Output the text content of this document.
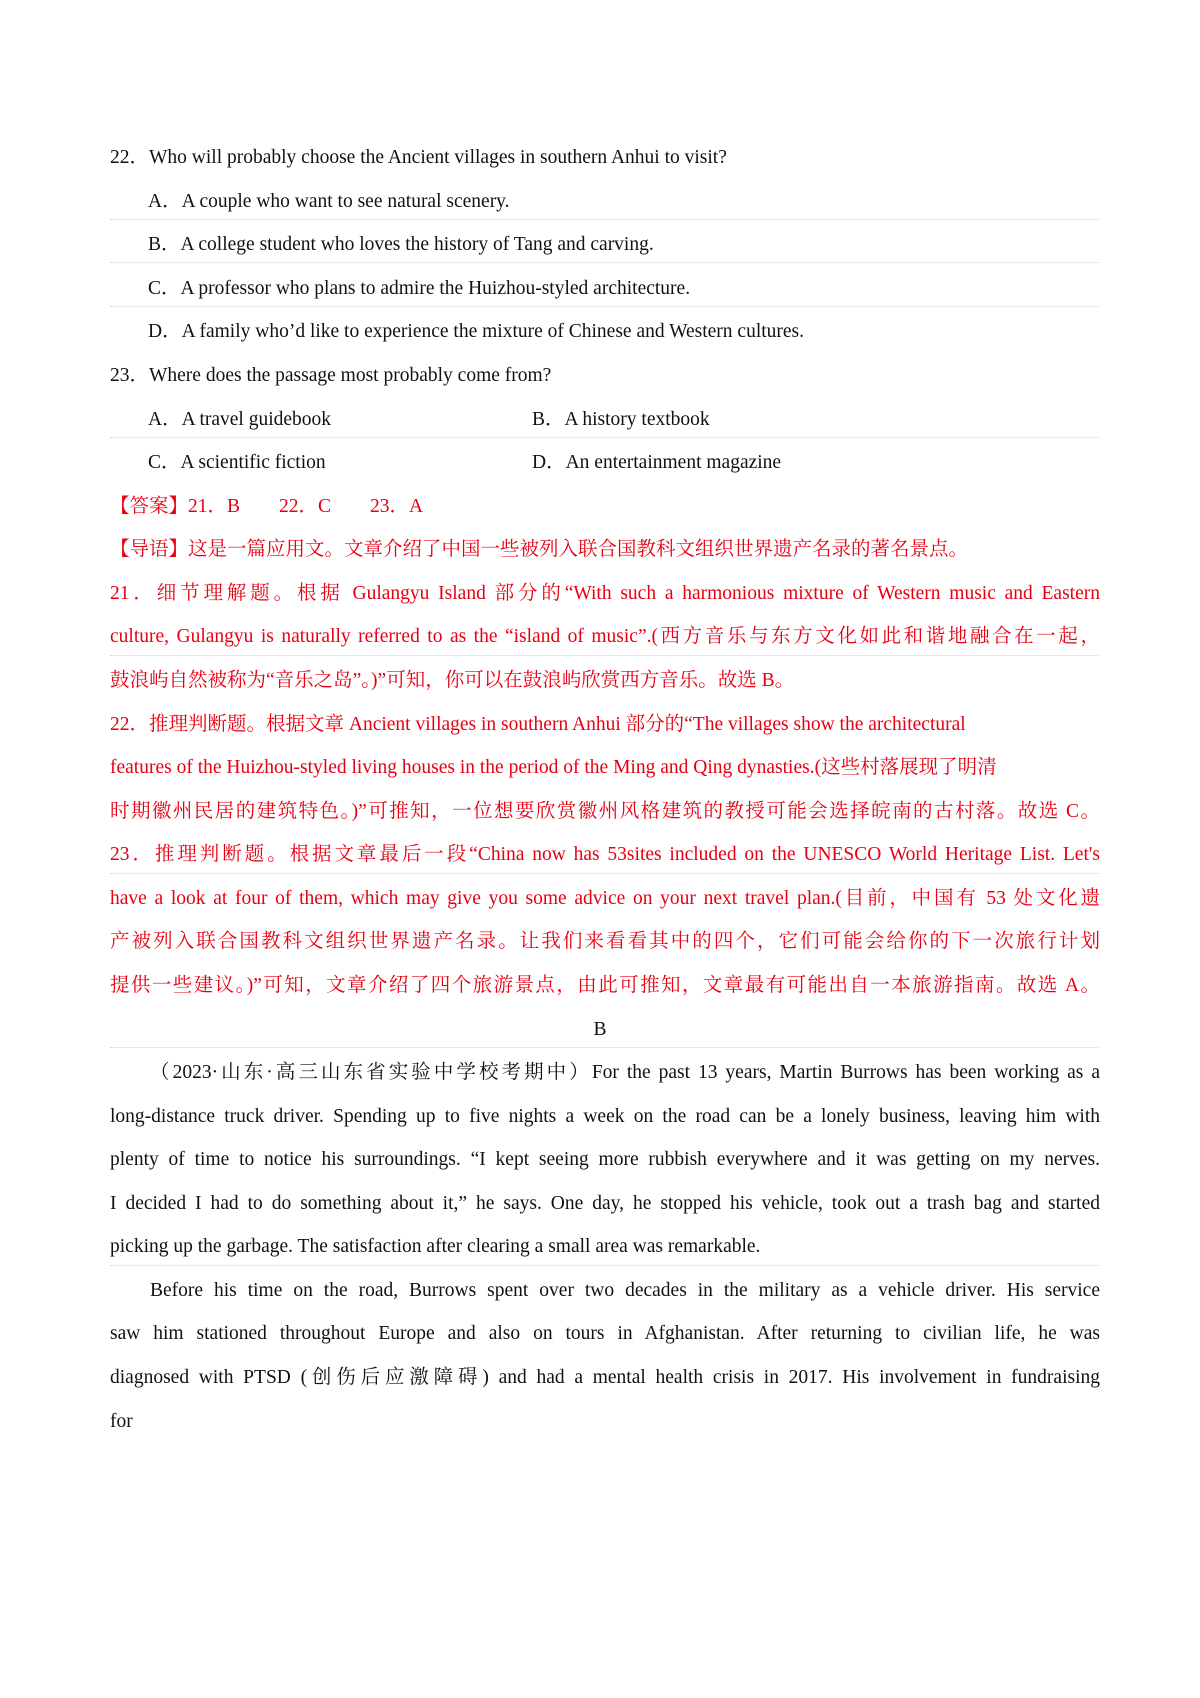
22．Who will probably choose the Ancient villages in southern Anhui to visit?
A．A couple who want to see natural scenery.
B．A college student who loves the history of Tang and carving.
C．A professor who plans to admire the Huizhou-styled architecture.
D．A family who’d like to experience the mixture of Chinese and Western cultures.
23．Where does the passage most probably come from?
A．A travel guidebook	B．A history textbook
C．A scientific fiction	D．An entertainment magazine
【答案】21．B　　22．C　　23．A
【导语】这是一篇应用文。文章介绍了中国一些被列入联合国教科文组织世界遗产名录的著名景点。
21．细节理解题。根据 Gulangyu Island 部分的“With such a harmonious mixture of Western music and Eastern
culture, Gulangyu is naturally referred to as the “island of music”.(西方音乐与东方文化如此和谐地融合在一起，
鼓浪屿自然被称为“音乐之岛”。)”可知，你可以在鼓浪屿欣赏西方音乐。故选 B。
22．推理判断题。根据文章 Ancient villages in southern Anhui 部分的“The villages show the architectural
features of the Huizhou-styled living houses in the period of the Ming and Qing dynasties.(这些村落展现了明清
时期徽州民居的建筑特色。)”可推知，一位想要欣赏徽州风格建筑的教授可能会选择皖南的古村落。故选 C。
23．推理判断题。根据文章最后一段“China now has 53sites included on the UNESCO World Heritage List. Let's
have a look at four of them, which may give you some advice on your next travel plan.(目前，中国有 53 处文化遗
产被列入联合国教科文组织世界遗产名录。让我们来看看其中的四个，它们可能会给你的下一次旅行计划
提供一些建议。)”可知，文章介绍了四个旅游景点，由此可推知，文章最有可能出自一本旅游指南。故选 A。
B
（2023·山东·高三山东省实验中学校考期中）For the past 13 years, Martin Burrows has been working as a
long-distance truck driver. Spending up to five nights a week on the road can be a lonely business, leaving him with
plenty of time to notice his surroundings. “I kept seeing more rubbish everywhere and it was getting on my nerves.
I decided I had to do something about it,” he says. One day, he stopped his vehicle, took out a trash bag and started
picking up the garbage. The satisfaction after clearing a small area was remarkable.
Before his time on the road, Burrows spent over two decades in the military as a vehicle driver. His service
saw him stationed throughout Europe and also on tours in Afghanistan. After returning to civilian life, he was
diagnosed with PTSD (创伤后应激障碍) and had a mental health crisis in 2017. His involvement in fundraising
for
